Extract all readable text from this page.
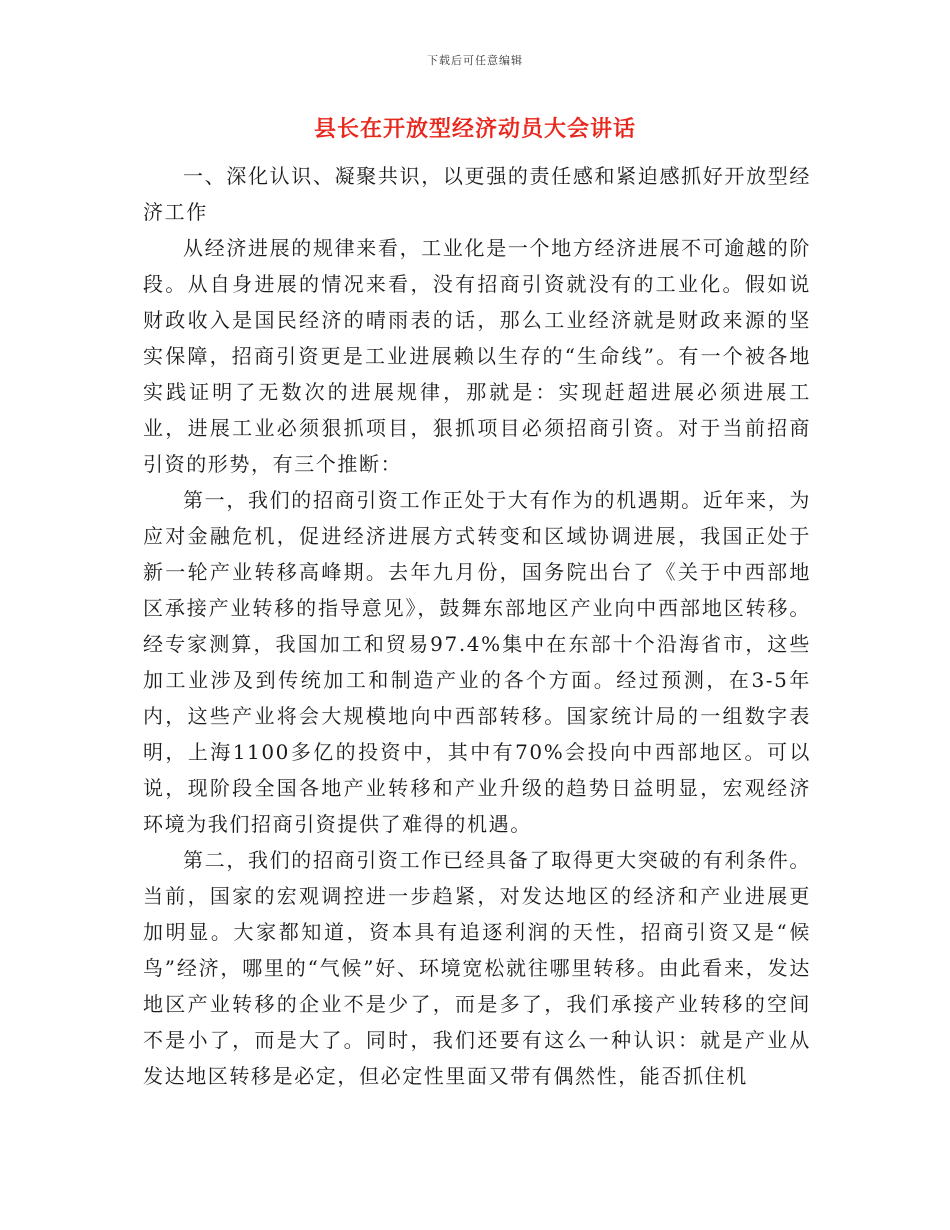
下载后可任意编辑
县长在开放型经济动员大会讲话

一、深化认识、凝聚共识，以更强的责任感和紧迫感抓好开放型经济工作

从经济进展的规律来看，工业化是一个地方经济进展不可逾越的阶段。从自身进展的情况来看，没有招商引资就没有的工业化。假如说财政收入是国民经济的晴雨表的话，那么工业经济就是财政来源的坚实保障，招商引资更是工业进展赖以生存的“生命线”。有一个被各地实践证明了无数次的进展规律，那就是：实现赶超进展必须进展工业，进展工业必须狠抓项目，狠抓项目必须招商引资。对于当前招商引资的形势，有三个推断：

第一，我们的招商引资工作正处于大有作为的机遇期。近年来，为应对金融危机，促进经济进展方式转变和区域协调进展，我国正处于新一轮产业转移高峰期。去年九月份，国务院出台了《关于中西部地区承接产业转移的指导意见》，鼓舞东部地区产业向中西部地区转移。经专家测算，我国加工和贸易97.4%集中在东部十个沿海省市，这些加工业涉及到传统加工和制造产业的各个方面。经过预测，在3-5年内，这些产业将会大规模地向中西部转移。国家统计局的一组数字表明，上海1100多亿的投资中，其中有70%会投向中西部地区。可以说，现阶段全国各地产业转移和产业升级的趋势日益明显，宏观经济环境为我们招商引资提供了难得的机遇。

第二，我们的招商引资工作已经具备了取得更大突破的有利条件。当前，国家的宏观调控进一步趋紧，对发达地区的经济和产业进展更加明显。大家都知道，资本具有追逐利润的天性，招商引资又是“候鸟”经济，哪里的“气候”好、环境宽松就往哪里转移。由此看来，发达地区产业转移的企业不是少了，而是多了，我们承接产业转移的空间不是小了，而是大了。同时，我们还要有这么一种认识：就是产业从发达地区转移是必定，但必定性里面又带有偶然性，能否抓住机
